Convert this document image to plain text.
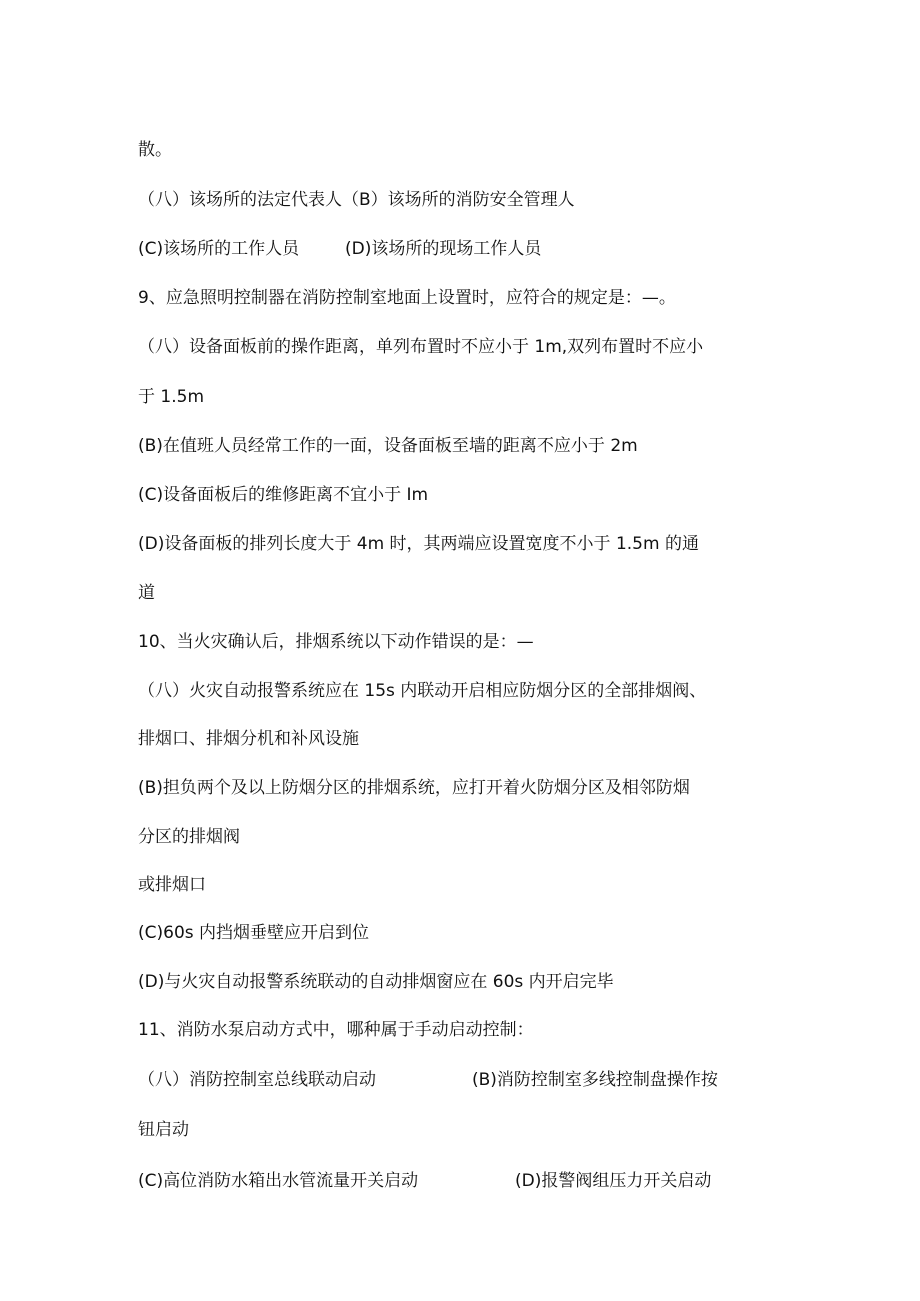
散。
（八）该场所的法定代表人（B）该场所的消防安全管理人
(C)该场所的工作人员	(D)该场所的现场工作人员
9、应急照明控制器在消防控制室地面上设置时，应符合的规定是：—。
（八）设备面板前的操作距离，单列布置时不应小于 1m,双列布置时不应小
于 1.5m
(B)在值班人员经常工作的一面，设备面板至墙的距离不应小于 2m
(C)设备面板后的维修距离不宜小于 Im
(D)设备面板的排列长度大于 4m 时，其两端应设置宽度不小于 1.5m 的通
道
10、当火灾确认后，排烟系统以下动作错误的是：—
（八）火灾自动报警系统应在 15s 内联动开启相应防烟分区的全部排烟阀、
排烟口、排烟分机和补风设施
(B)担负两个及以上防烟分区的排烟系统，应打开着火防烟分区及相邻防烟
分区的排烟阀
或排烟口
(C)60s 内挡烟垂壁应开启到位
(D)与火灾自动报警系统联动的自动排烟窗应在 60s 内开启完毕
11、消防水泵启动方式中，哪种属于手动启动控制：
（八）消防控制室总线联动启动	(B)消防控制室多线控制盘操作按
钮启动
(C)高位消防水箱出水管流量开关启动	(D)报警阀组压力开关启动
